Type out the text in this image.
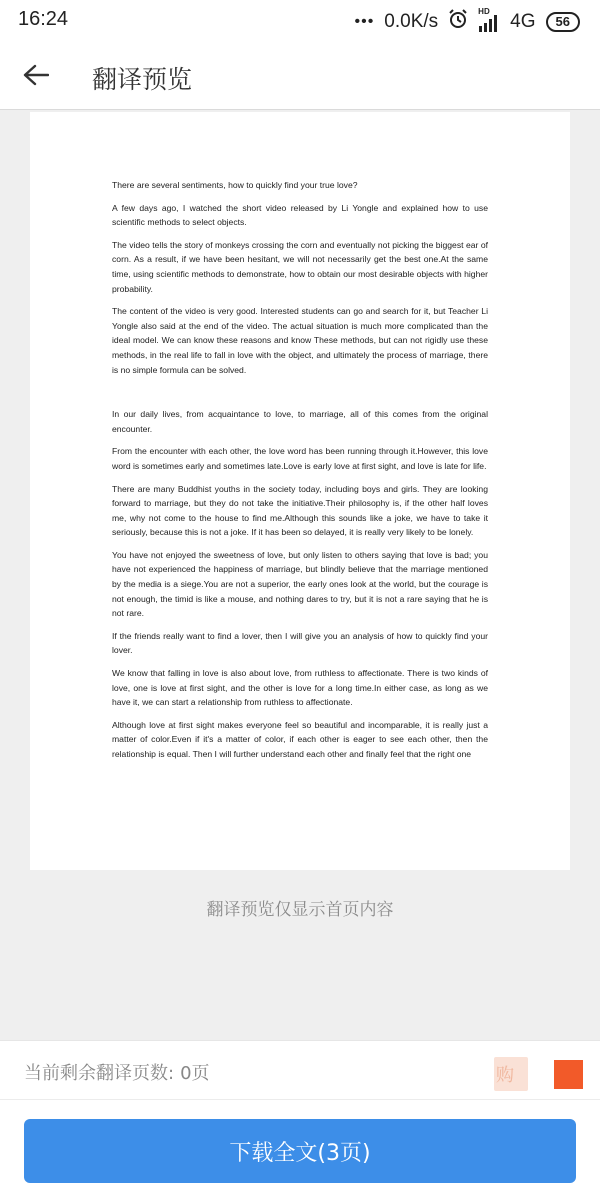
16:24	••• 0.0K/s	HD 4G	56
翻译预览

There are several sentiments, how to quickly find your true love?

A few days ago, I watched the short video released by Li Yongle and explained how to use scientific methods to select objects.

The video tells the story of monkeys crossing the corn and eventually not picking the biggest ear of corn. As a result, if we have been hesitant, we will not necessarily get the best one.At the same time, using scientific methods to demonstrate, how to obtain our most desirable objects with higher probability.

The content of the video is very good. Interested students can go and search for it, but Teacher Li Yongle also said at the end of the video. The actual situation is much more complicated than the ideal model. We can know these reasons and know These methods, but can not rigidly use these methods, in the real life to fall in love with the object, and ultimately the process of marriage, there is no simple formula can be solved.

In our daily lives, from acquaintance to love, to marriage, all of this comes from the original encounter.

From the encounter with each other, the love word has been running through it.However, this love word is sometimes early and sometimes late.Love is early love at first sight, and love is late for life.

There are many Buddhist youths in the society today, including boys and girls. They are looking forward to marriage, but they do not take the initiative.Their philosophy is, if the other half loves me, why not come to the house to find me.Although this sounds like a joke, we have to take it seriously, because this is not a joke. If it has been so delayed, it is really very likely to be lonely.

You have not enjoyed the sweetness of love, but only listen to others saying that love is bad; you have not experienced the happiness of marriage, but blindly believe that the marriage mentioned by the media is a siege.You are not a superior, the early ones look at the world, but the courage is not enough, the timid is like a mouse, and nothing dares to try, but it is not a rare saying that he is not rare.

If the friends really want to find a lover, then I will give you an analysis of how to quickly find your lover.

We know that falling in love is also about love, from ruthless to affectionate. There is two kinds of love, one is love at first sight, and the other is love for a long time.In either case, as long as we have it, we can start a relationship from ruthless to affectionate.

Although love at first sight makes everyone feel so beautiful and incomparable, it is really just a matter of color.Even if it's a matter of color, if each other is eager to see each other, then the relationship is equal. Then I will further understand each other and finally feel that the right one

翻译预览仅显示首页内容
当前剩余翻译页数: 0页
下载全文(3页)
